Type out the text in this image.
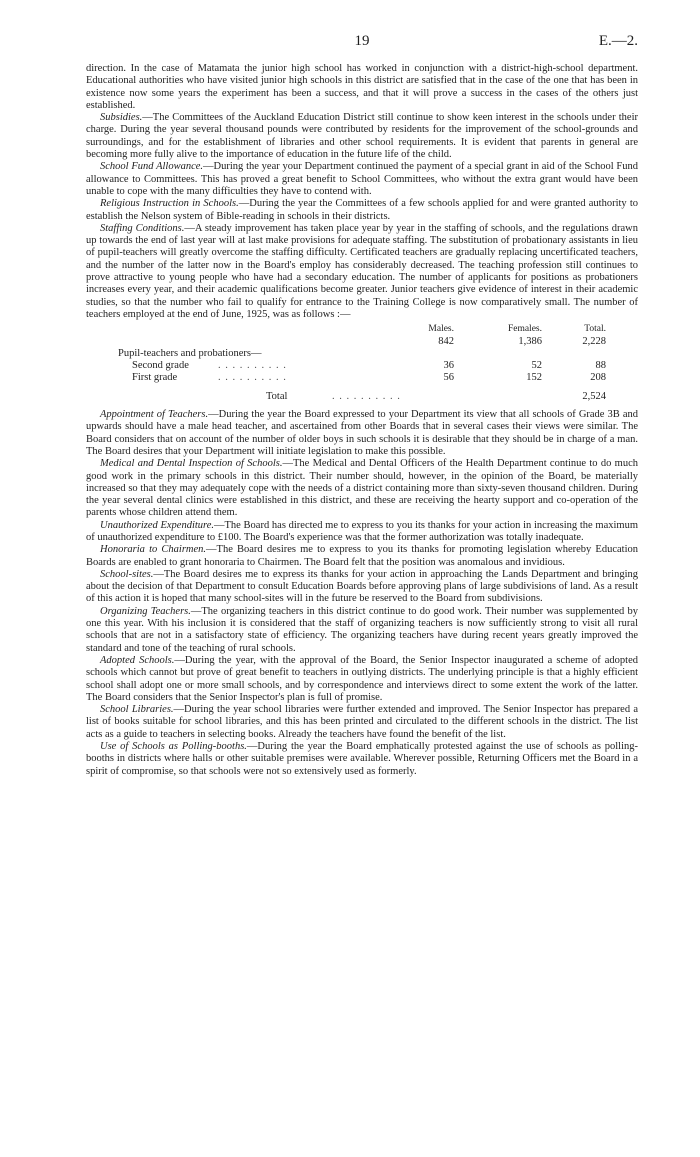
19	E.—2.

direction. In the case of Matamata the junior high school has worked in conjunction with a district-high-school department. Educational authorities who have visited junior high schools in this district are satisfied that in the case of the one that has been in existence now some years the experiment has been a success, and that it will prove a success in the cases of the others just established.

Subsidies.—The Committees of the Auckland Education District still continue to show keen interest in the schools under their charge. During the year several thousand pounds were contributed by residents for the improvement of the school-grounds and surroundings, and for the establishment of libraries and other school requirements. It is evident that parents in general are becoming more fully alive to the importance of education in the future life of the child.

School Fund Allowance.—During the year your Department continued the payment of a special grant in aid of the School Fund allowance to Committees. This has proved a great benefit to School Committees, who without the extra grant would have been unable to cope with the many difficulties they have to contend with.

Religious Instruction in Schools.—During the year the Committees of a few schools applied for and were granted authority to establish the Nelson system of Bible-reading in schools in their districts.

Staffing Conditions.—A steady improvement has taken place year by year in the staffing of schools, and the regulations drawn up towards the end of last year will at last make provisions for adequate staffing. The substitution of probationary assistants in lieu of pupil-teachers will greatly overcome the staffing difficulty. Certificated teachers are gradually replacing uncertificated teachers, and the number of the latter now in the Board's employ has considerably decreased. The teaching profession still continues to prove attractive to young people who have had a secondary education. The number of applicants for positions as probationers increases every year, and their academic qualifications become greater. Junior teachers give evidence of interest in their academic studies, so that the number who fail to qualify for entrance to the Training College is now comparatively small. The number of teachers employed at the end of June, 1925, was as follows :—

Males.	Females.	Total.
842	1,386	2,228
Pupil-teachers and probationers—
Second grade	. . . . . . . . . .	36	52	88
First grade	. . . . . . . . . .	56	152	208
Total	. . . . . . . . . .	2,524

Appointment of Teachers.—During the year the Board expressed to your Department its view that all schools of Grade 3B and upwards should have a male head teacher, and ascertained from other Boards that in several cases their views were similar. The Board considers that on account of the number of older boys in such schools it is desirable that they should be in charge of a man. The Board desires that your Department will initiate legislation to make this possible.

Medical and Dental Inspection of Schools.—The Medical and Dental Officers of the Health Department continue to do much good work in the primary schools in this district. Their number should, however, in the opinion of the Board, be materially increased so that they may adequately cope with the needs of a district containing more than sixty-seven thousand children. During the year several dental clinics were established in this district, and these are receiving the hearty support and co-operation of the parents whose children attend them.

Unauthorized Expenditure.—The Board has directed me to express to you its thanks for your action in increasing the maximum of unauthorized expenditure to £100. The Board's experience was that the former authorization was totally inadequate.

Honoraria to Chairmen.—The Board desires me to express to you its thanks for promoting legislation whereby Education Boards are enabled to grant honoraria to Chairmen. The Board felt that the position was anomalous and invidious.

School-sites.—The Board desires me to express its thanks for your action in approaching the Lands Department and bringing about the decision of that Department to consult Education Boards before approving plans of large subdivisions of land. As a result of this action it is hoped that many school-sites will in the future be reserved to the Board from subdivisions.

Organizing Teachers.—The organizing teachers in this district continue to do good work. Their number was supplemented by one this year. With his inclusion it is considered that the staff of organizing teachers is now sufficiently strong to visit all rural schools that are not in a satisfactory state of efficiency. The organizing teachers have during recent years greatly improved the standard and tone of the teaching of rural schools.

Adopted Schools.—During the year, with the approval of the Board, the Senior Inspector inaugurated a scheme of adopted schools which cannot but prove of great benefit to teachers in outlying districts. The underlying principle is that a highly efficient school shall adopt one or more small schools, and by correspondence and interviews direct to some extent the work of the latter. The Board considers that the Senior Inspector's plan is full of promise.

School Libraries.—During the year school libraries were further extended and improved. The Senior Inspector has prepared a list of books suitable for school libraries, and this has been printed and circulated to the different schools in the district. The list acts as a guide to teachers in selecting books. Already the teachers have found the benefit of the list.

Use of Schools as Polling-booths.—During the year the Board emphatically protested against the use of schools as polling-booths in districts where halls or other suitable premises were available. Wherever possible, Returning Officers met the Board in a spirit of compromise, so that schools were not so extensively used as formerly.
